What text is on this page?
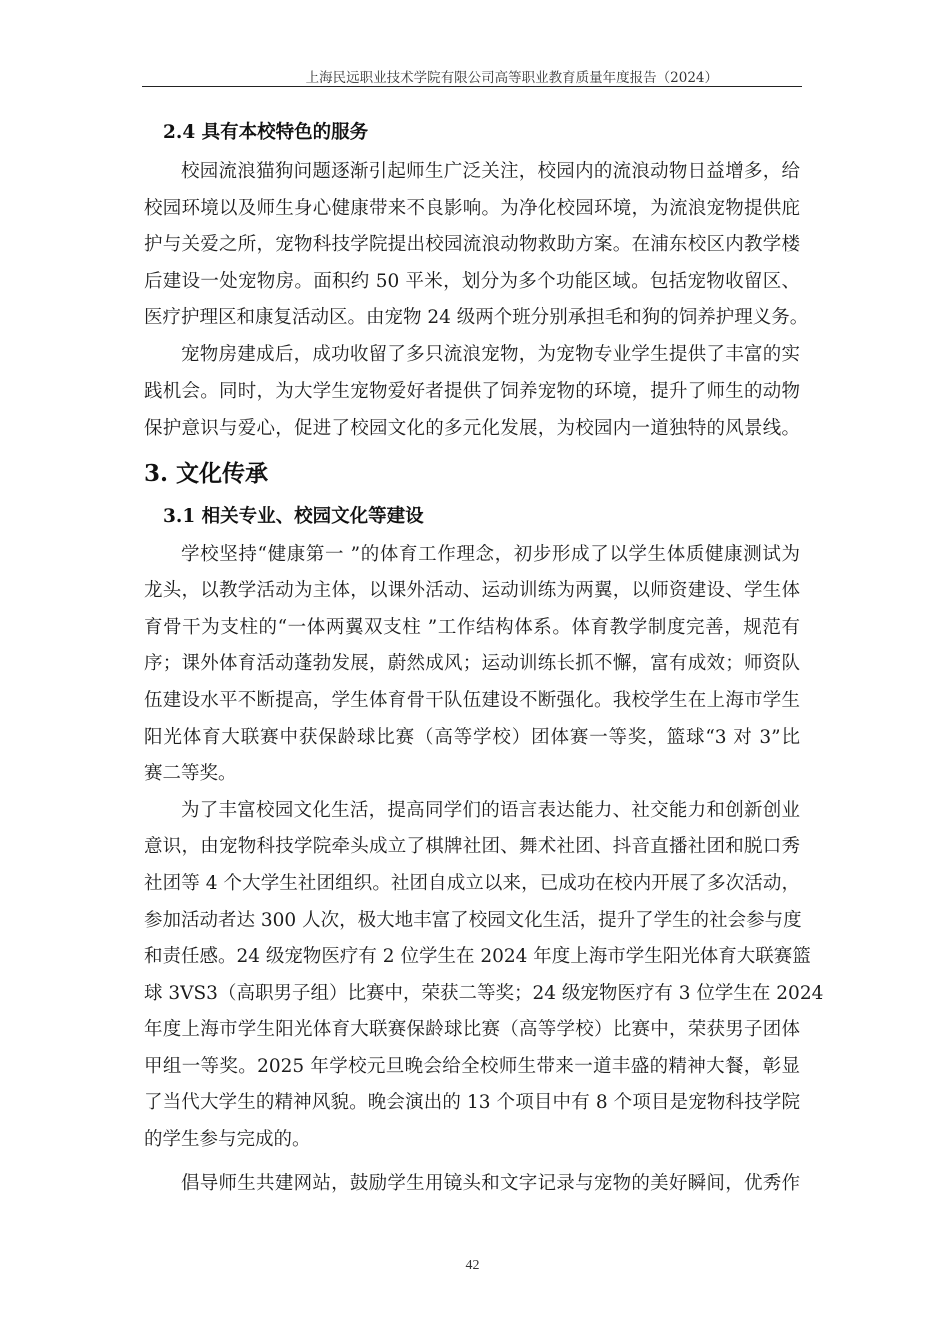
上海民远职业技术学院有限公司高等职业教育质量年度报告（2024）
2.4 具有本校特色的服务
校园流浪猫狗问题逐渐引起师生广泛关注，校园内的流浪动物日益增多，给
校园环境以及师生身心健康带来不良影响。为净化校园环境，为流浪宠物提供庇
护与关爱之所，宠物科技学院提出校园流浪动物救助方案。在浦东校区内教学楼
后建设一处宠物房。面积约 50 平米，划分为多个功能区域。包括宠物收留区、
医疗护理区和康复活动区。由宠物 24 级两个班分别承担毛和狗的饲养护理义务。
宠物房建成后，成功收留了多只流浪宠物，为宠物专业学生提供了丰富的实
践机会。同时，为大学生宠物爱好者提供了饲养宠物的环境，提升了师生的动物
保护意识与爱心，促进了校园文化的多元化发展，为校园内一道独特的风景线。
3. 文化传承
3.1 相关专业、校园文化等建设
学校坚持“健康第一 ”的体育工作理念，初步形成了以学生体质健康测试为
龙头，以教学活动为主体，以课外活动、运动训练为两翼，以师资建设、学生体
育骨干为支柱的“一体两翼双支柱 ”工作结构体系。体育教学制度完善，规范有
序；课外体育活动蓬勃发展，蔚然成风；运动训练长抓不懈，富有成效；师资队
伍建设水平不断提高，学生体育骨干队伍建设不断强化。我校学生在上海市学生
阳光体育大联赛中获保龄球比赛（高等学校）团体赛一等奖，篮球“3 对 3”比
赛二等奖。
为了丰富校园文化生活，提高同学们的语言表达能力、社交能力和创新创业
意识，由宠物科技学院牵头成立了棋牌社团、舞术社团、抖音直播社团和脱口秀
社团等 4 个大学生社团组织。社团自成立以来，已成功在校内开展了多次活动，
参加活动者达 300 人次，极大地丰富了校园文化生活，提升了学生的社会参与度
和责任感。24 级宠物医疗有 2 位学生在 2024 年度上海市学生阳光体育大联赛篮
球 3VS3（高职男子组）比赛中，荣获二等奖；24 级宠物医疗有 3 位学生在 2024
年度上海市学生阳光体育大联赛保龄球比赛（高等学校）比赛中，荣获男子团体
甲组一等奖。2025 年学校元旦晚会给全校师生带来一道丰盛的精神大餐，彰显
了当代大学生的精神风貌。晚会演出的 13 个项目中有 8 个项目是宠物科技学院
的学生参与完成的。
倡导师生共建网站，鼓励学生用镜头和文字记录与宠物的美好瞬间，优秀作
42
